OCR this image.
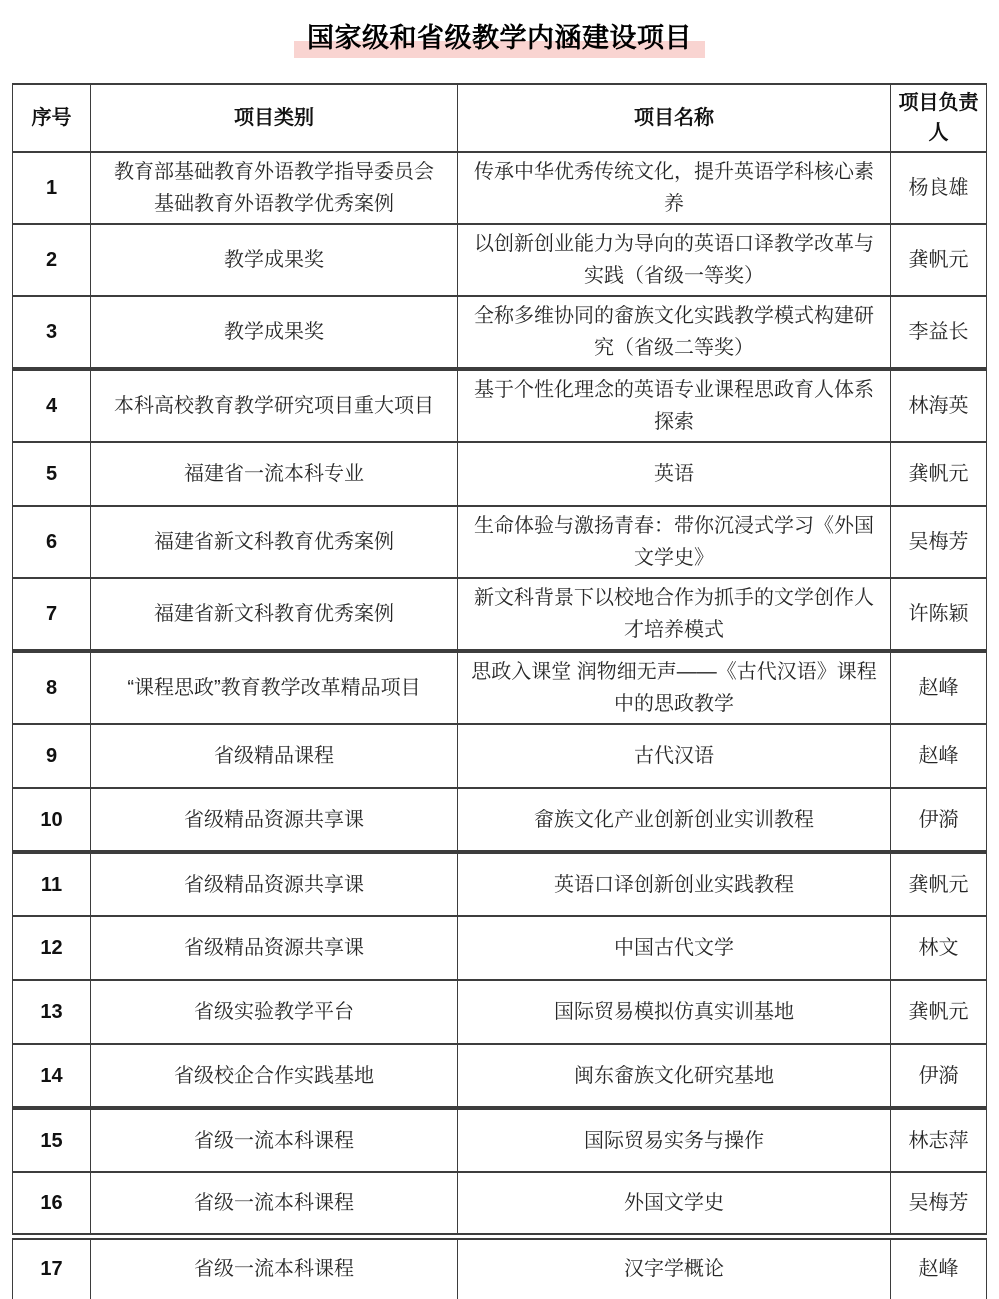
国家级和省级教学内涵建设项目
序号	项目类别	项目名称	项目负责人
1	教育部基础教育外语教学指导委员会基础教育外语教学优秀案例	传承中华优秀传统文化，提升英语学科核心素养	杨良雄
2	教学成果奖	以创新创业能力为导向的英语口译教学改革与实践（省级一等奖）	龚帆元
3	教学成果奖	全称多维协同的畲族文化实践教学模式构建研究（省级二等奖）	李益长
4	本科高校教育教学研究项目重大项目	基于个性化理念的英语专业课程思政育人体系探索	林海英
5	福建省一流本科专业	英语	龚帆元
6	福建省新文科教育优秀案例	生命体验与激扬青春：带你沉浸式学习《外国文学史》	吴梅芳
7	福建省新文科教育优秀案例	新文科背景下以校地合作为抓手的文学创作人才培养模式	许陈颖
8	“课程思政”教育教学改革精品项目	思政入课堂 润物细无声——《古代汉语》课程中的思政教学	赵峰
9	省级精品课程	古代汉语	赵峰
10	省级精品资源共享课	畲族文化产业创新创业实训教程	伊漪
11	省级精品资源共享课	英语口译创新创业实践教程	龚帆元
12	省级精品资源共享课	中国古代文学	林文
13	省级实验教学平台	国际贸易模拟仿真实训基地	龚帆元
14	省级校企合作实践基地	闽东畲族文化研究基地	伊漪
15	省级一流本科课程	国际贸易实务与操作	林志萍
16	省级一流本科课程	外国文学史	吴梅芳
17	省级一流本科课程	汉字学概论	赵峰
